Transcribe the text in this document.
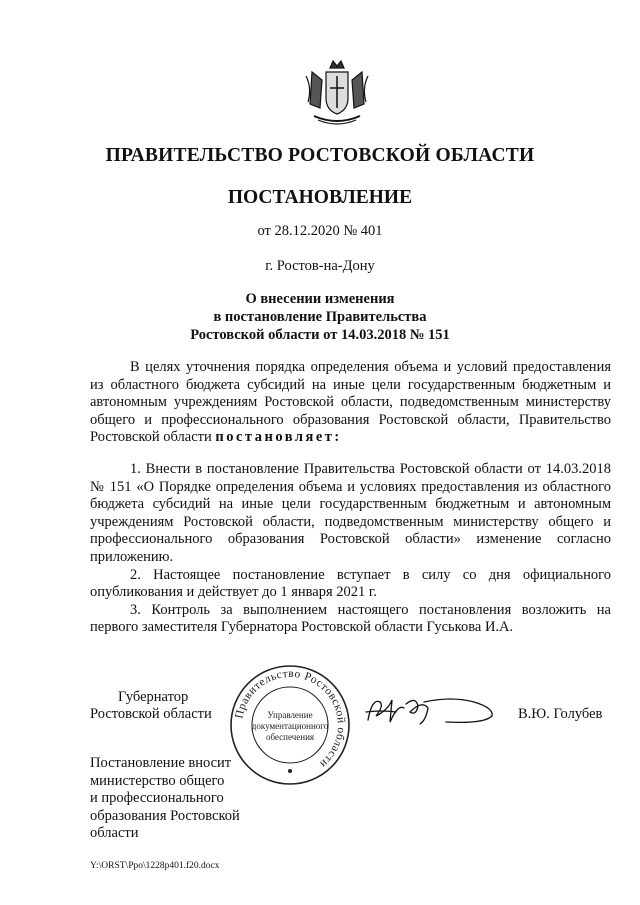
ПРАВИТЕЛЬСТВО РОСТОВСКОЙ ОБЛАСТИ
ПОСТАНОВЛЕНИЕ
от 28.12.2020 № 401
г. Ростов-на-Дону
О внесении изменения
в постановление Правительства
Ростовской области от 14.03.2018 № 151

В целях уточнения порядка определения объема и условий предоставления из областного бюджета субсидий на иные цели государственным бюджетным и автономным учреждениям Ростовской области, подведомственным министерству общего и профессионального образования Ростовской области, Правительство Ростовской области постановляет:

1. Внести в постановление Правительства Ростовской области от 14.03.2018 № 151 «О Порядке определения объема и условиях предоставления из областного бюджета субсидий на иные цели государственным бюджетным и автономным учреждениям Ростовской области, подведомственным министерству общего и профессионального образования Ростовской области» изменение согласно приложению.

2. Настоящее постановление вступает в силу со дня официального опубликования и действует до 1 января 2021 г.

3. Контроль за выполнением настоящего постановления возложить на первого заместителя Губернатора Ростовской области Гуськова И.А.

Губернатор
Ростовской области	В.Ю. Голубев
Правительство Ростовской области
Управление
документационного
обеспечения
Постановление вносит
министерство общего
и профессионального
образования Ростовской
области
Y:\ORST\Ppo\1228p401.f20.docx
